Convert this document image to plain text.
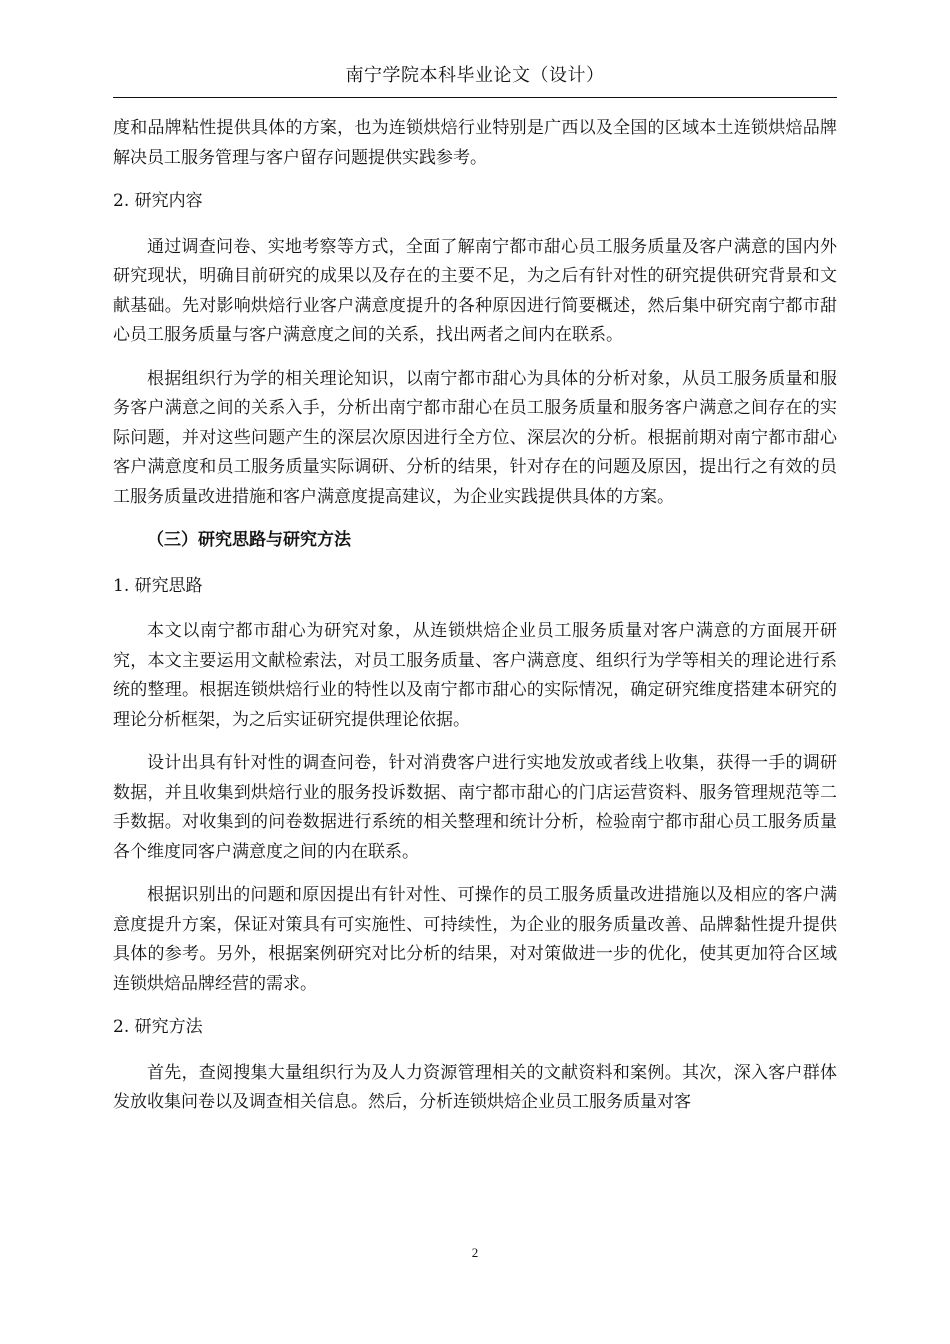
南宁学院本科毕业论文（设计）

度和品牌粘性提供具体的方案，也为连锁烘焙行业特别是广西以及全国的区域本土连锁烘焙品牌解决员工服务管理与客户留存问题提供实践参考。

2. 研究内容

通过调查问卷、实地考察等方式，全面了解南宁都市甜心员工服务质量及客户满意的国内外研究现状，明确目前研究的成果以及存在的主要不足，为之后有针对性的研究提供研究背景和文献基础。先对影响烘焙行业客户满意度提升的各种原因进行简要概述，然后集中研究南宁都市甜心员工服务质量与客户满意度之间的关系，找出两者之间内在联系。

根据组织行为学的相关理论知识，以南宁都市甜心为具体的分析对象，从员工服务质量和服务客户满意之间的关系入手，分析出南宁都市甜心在员工服务质量和服务客户满意之间存在的实际问题，并对这些问题产生的深层次原因进行全方位、深层次的分析。根据前期对南宁都市甜心客户满意度和员工服务质量实际调研、分析的结果，针对存在的问题及原因，提出行之有效的员工服务质量改进措施和客户满意度提高建议，为企业实践提供具体的方案。

（三）研究思路与研究方法

1. 研究思路

本文以南宁都市甜心为研究对象，从连锁烘焙企业员工服务质量对客户满意的方面展开研究，本文主要运用文献检索法，对员工服务质量、客户满意度、组织行为学等相关的理论进行系统的整理。根据连锁烘焙行业的特性以及南宁都市甜心的实际情况，确定研究维度搭建本研究的理论分析框架，为之后实证研究提供理论依据。

设计出具有针对性的调查问卷，针对消费客户进行实地发放或者线上收集，获得一手的调研数据，并且收集到烘焙行业的服务投诉数据、南宁都市甜心的门店运营资料、服务管理规范等二手数据。对收集到的问卷数据进行系统的相关整理和统计分析，检验南宁都市甜心员工服务质量各个维度同客户满意度之间的内在联系。

根据识别出的问题和原因提出有针对性、可操作的员工服务质量改进措施以及相应的客户满意度提升方案，保证对策具有可实施性、可持续性，为企业的服务质量改善、品牌黏性提升提供具体的参考。另外，根据案例研究对比分析的结果，对对策做进一步的优化，使其更加符合区域连锁烘焙品牌经营的需求。

2. 研究方法

首先，查阅搜集大量组织行为及人力资源管理相关的文献资料和案例。其次，深入客户群体发放收集问卷以及调查相关信息。然后，分析连锁烘焙企业员工服务质量对客

2
